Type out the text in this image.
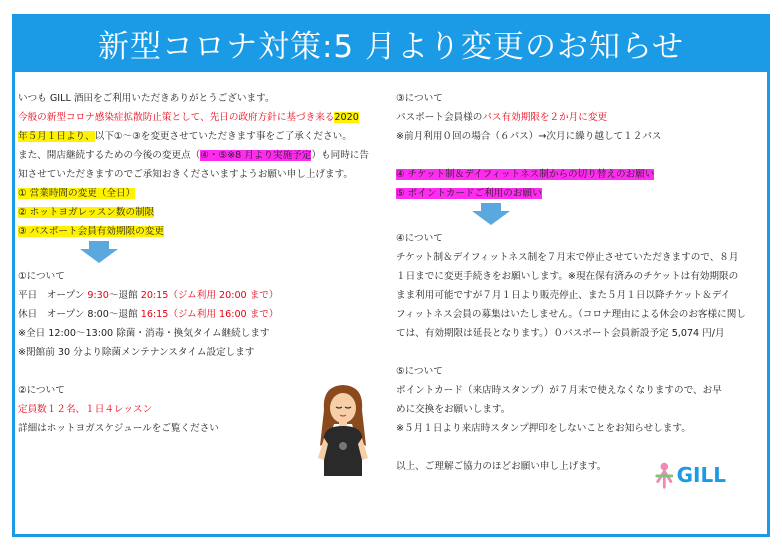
新型コロナ対策:5 月より変更のお知らせ

いつも GILL 酒田をご利用いただきありがとうございます。

今般の新型コロナ感染症拡散防止策として、先日の政府方針に基づき来る2020

年５月１日より、以下①〜③を変更させていただきます事をご了承ください。

また、開店継続するための今後の変更点（④・⑤※8 月より実施予定）も同時に告

知させていただきますのでご承知おきくださいますようお願い申し上げます。

① 営業時間の変更（全日）

② ホットヨガレッスン数の制限

③ パスポート会員有効期限の変更

①について

平日　オープン 9:30〜退館 20:15（ジム利用 20:00 まで）

休日　オープン 8:00〜退館 16:15（ジム利用 16:00 まで）

※全日 12:00〜13:00 除菌・消毒・換気タイム継続します

※閉館前 30 分より除菌メンテナンスタイム設定します

②について

定員数１２名、１日４レッスン

詳細はホットヨガスケジュールをご覧ください

③について

パスポート会員様のパス有効期限を２か月に変更

※前月利用０回の場合（６パス）→次月に繰り越して１２パス

④ チケット制＆デイフィットネス制からの切り替えのお願い

⑤ ポイントカードご利用のお願い

④について

チケット制＆デイフィットネス制を７月末で停止させていただきますので、８月

１日までに変更手続きをお願いします。※現在保有済みのチケットは有効期限の

まま利用可能ですが７月１日より販売停止、また５月１日以降チケット＆デイ

フィットネス会員の募集はいたしません。（コロナ理由による休会のお客様に関し

ては、有効期限は延長となります。）０パスポート会員新設予定 5,074 円/月

⑤について

ポイントカード（来店時スタンプ）が７月末で使えなくなりますので、お早

めに交換をお願いします。

※５月１日より来店時スタンプ押印をしないことをお知らせします。

以上、ご理解ご協力のほどお願い申し上げます。	GILL
